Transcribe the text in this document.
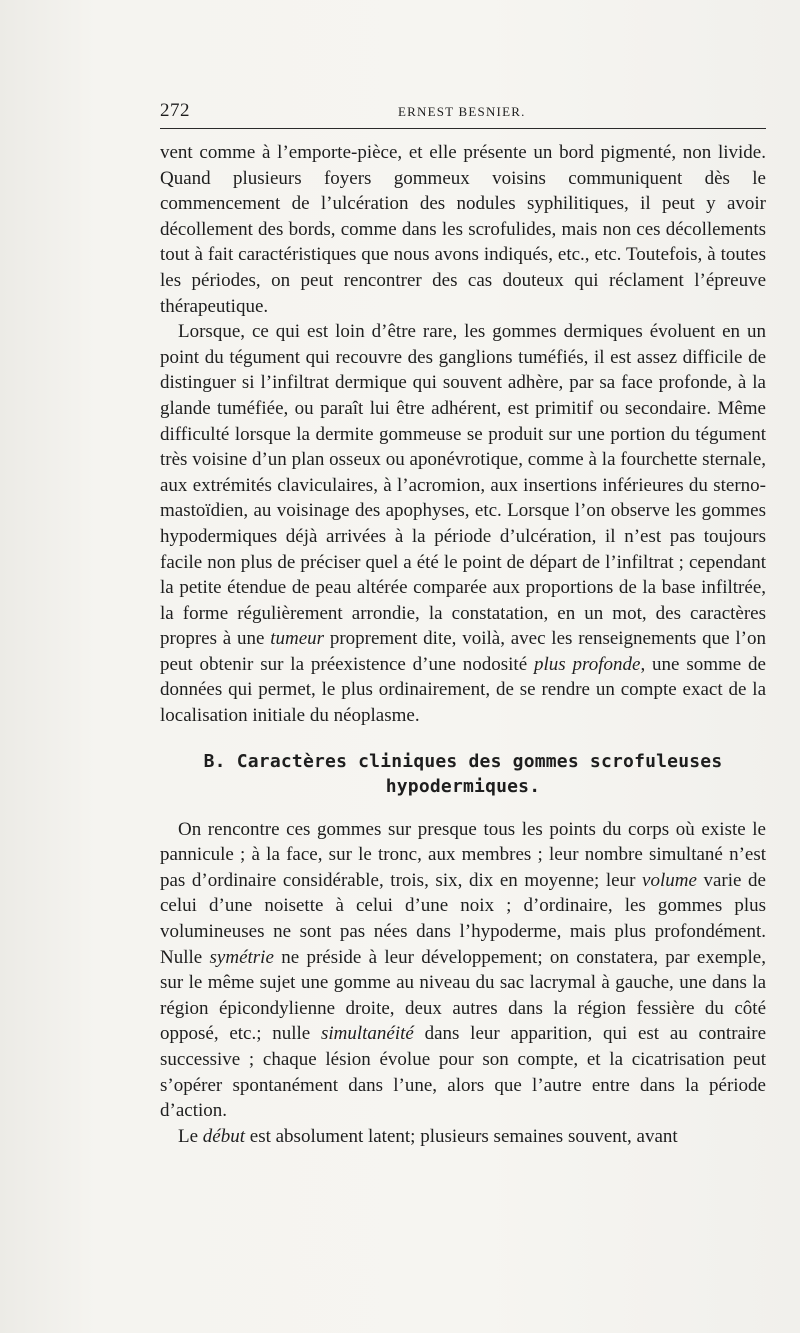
272	ERNEST BESNIER.

vent comme à l’emporte-pièce, et elle présente un bord pigmenté, non livide. Quand plusieurs foyers gommeux voisins communiquent dès le commencement de l’ulcération des nodules syphilitiques, il peut y avoir décollement des bords, comme dans les scrofulides, mais non ces décollements tout à fait caractéristiques que nous avons indiqués, etc., etc. Toutefois, à toutes les périodes, on peut rencontrer des cas douteux qui réclament l’épreuve thérapeutique.

Lorsque, ce qui est loin d’être rare, les gommes dermiques évoluent en un point du tégument qui recouvre des ganglions tuméfiés, il est assez difficile de distinguer si l’infiltrat dermique qui souvent adhère, par sa face profonde, à la glande tuméfiée, ou paraît lui être adhérent, est primitif ou secondaire. Même difficulté lorsque la dermite gommeuse se produit sur une portion du tégument très voisine d’un plan osseux ou aponévrotique, comme à la fourchette sternale, aux extrémités claviculaires, à l’acromion, aux insertions inférieures du sterno-mastoïdien, au voisinage des apophyses, etc. Lorsque l’on observe les gommes hypodermiques déjà arrivées à la période d’ulcération, il n’est pas toujours facile non plus de préciser quel a été le point de départ de l’infiltrat ; cependant la petite étendue de peau altérée comparée aux proportions de la base infiltrée, la forme régulièrement arrondie, la constatation, en un mot, des caractères propres à une tumeur proprement dite, voilà, avec les renseignements que l’on peut obtenir sur la préexistence d’une nodosité plus profonde, une somme de données qui permet, le plus ordinairement, de se rendre un compte exact de la localisation initiale du néoplasme.

B. Caractères cliniques des gommes scrofuleuses
hypodermiques.

On rencontre ces gommes sur presque tous les points du corps où existe le pannicule ; à la face, sur le tronc, aux membres ; leur nombre simultané n’est pas d’ordinaire considérable, trois, six, dix en moyenne; leur volume varie de celui d’une noisette à celui d’une noix ; d’ordinaire, les gommes plus volumineuses ne sont pas nées dans l’hypoderme, mais plus profondément. Nulle symétrie ne préside à leur développement; on constatera, par exemple, sur le même sujet une gomme au niveau du sac lacrymal à gauche, une dans la région épicondylienne droite, deux autres dans la région fessière du côté opposé, etc.; nulle simultanéité dans leur apparition, qui est au contraire successive ; chaque lésion évolue pour son compte, et la cicatrisation peut s’opérer spontanément dans l’une, alors que l’autre entre dans la période d’action.

Le début est absolument latent; plusieurs semaines souvent, avant
